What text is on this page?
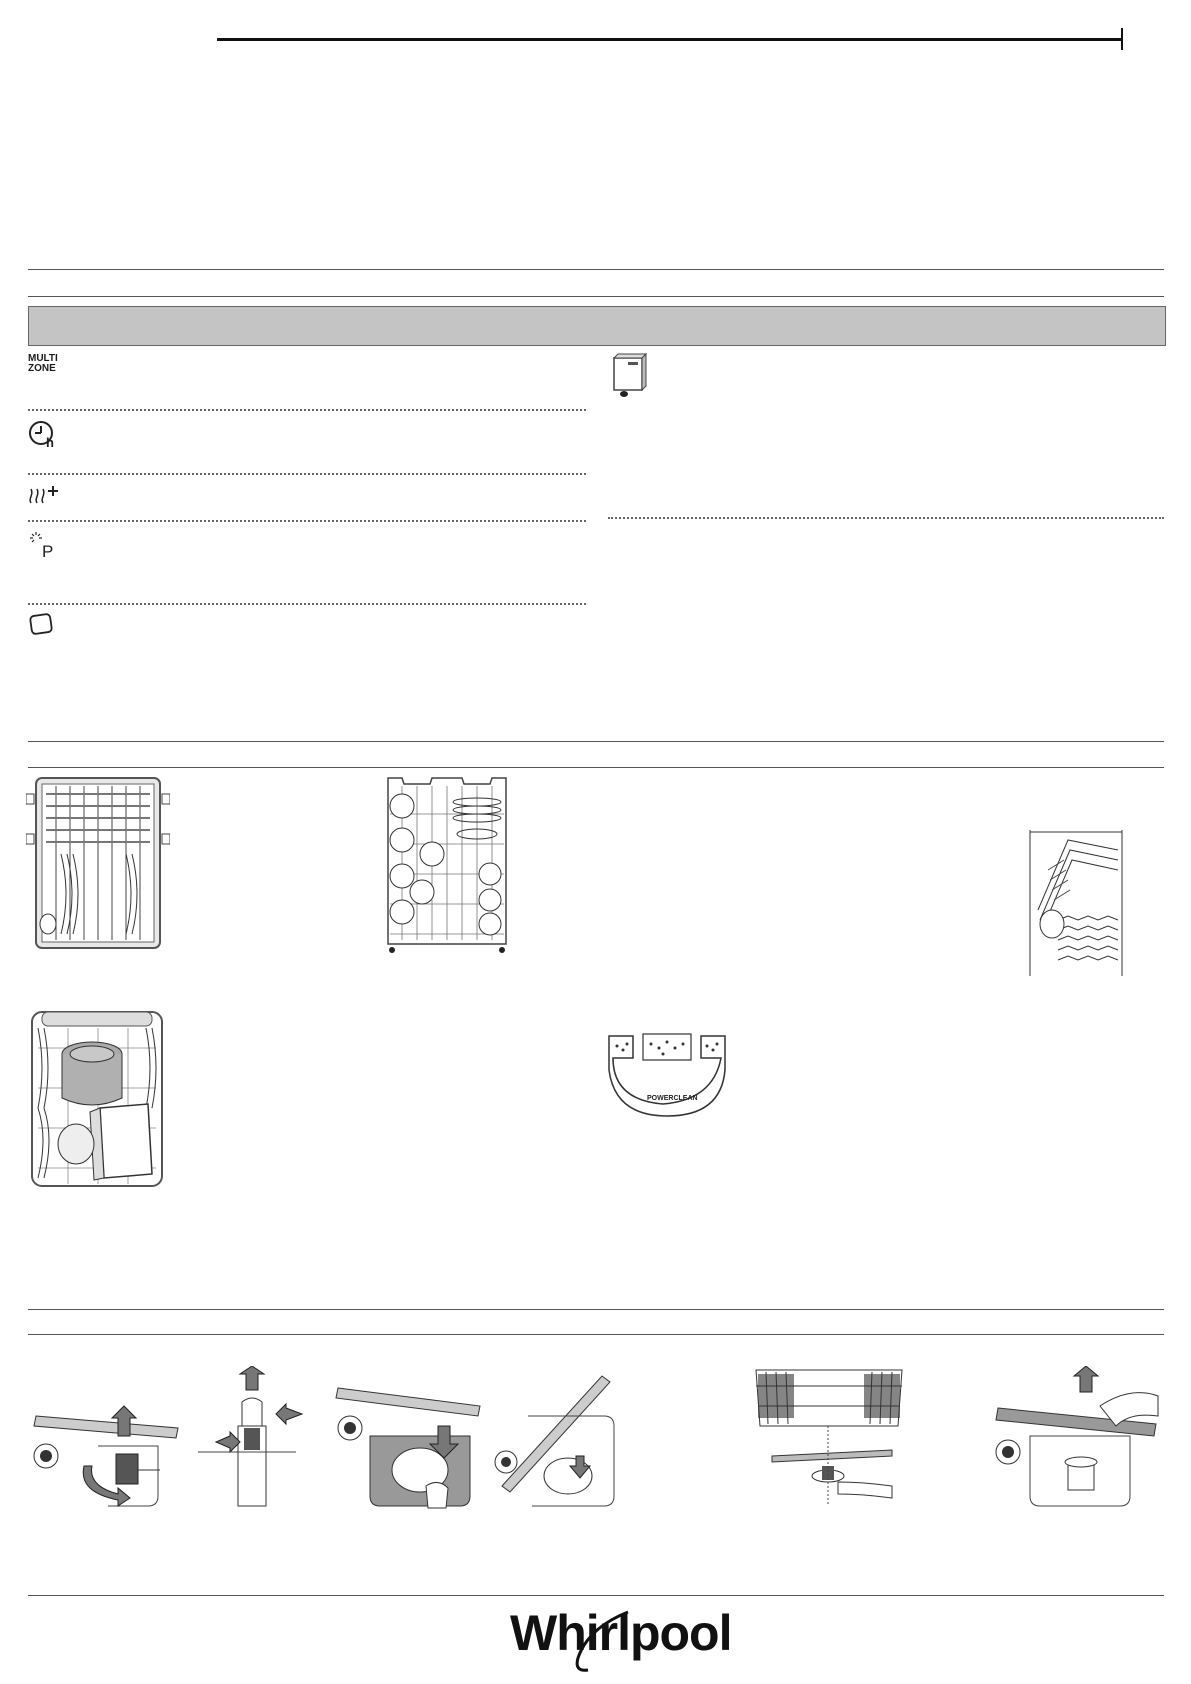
MULTI
ZONE
h
P
POWERCLEAN
Whirlpool
